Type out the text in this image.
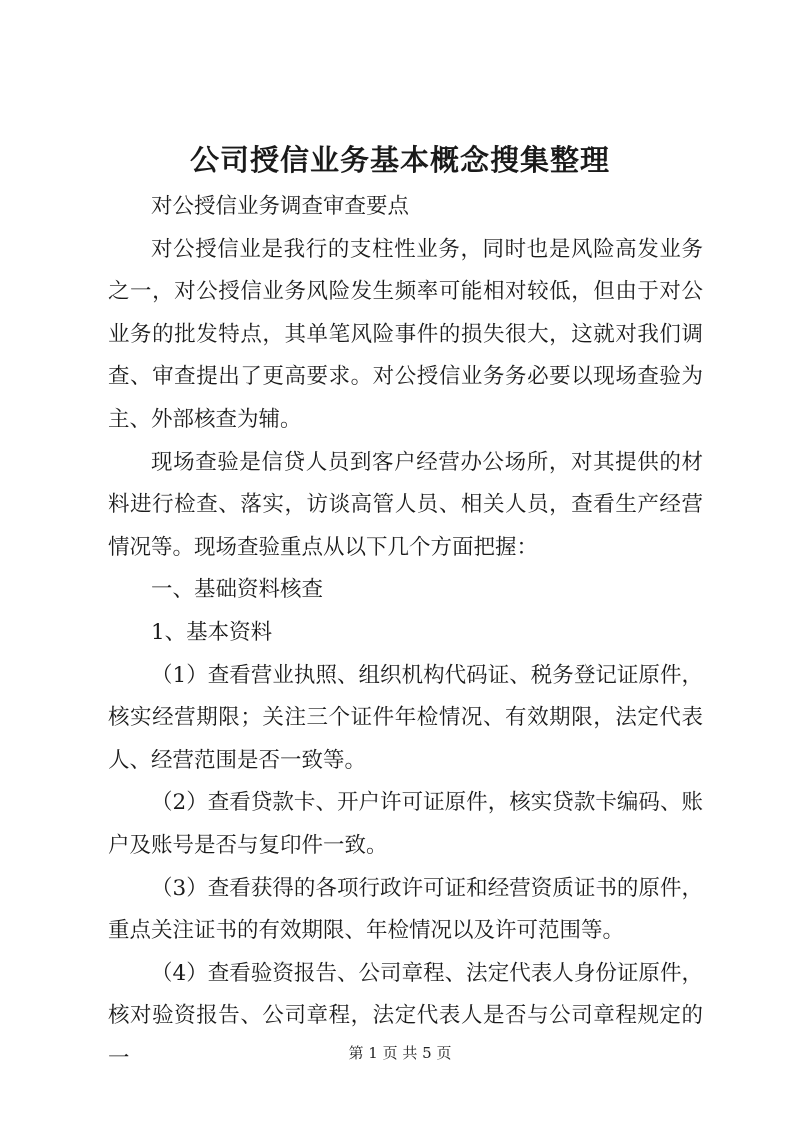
公司授信业务基本概念搜集整理

对公授信业务调查审查要点

对公授信业是我行的支柱性业务，同时也是风险高发业务之一，对公授信业务风险发生频率可能相对较低，但由于对公业务的批发特点，其单笔风险事件的损失很大，这就对我们调查、审查提出了更高要求。对公授信业务务必要以现场查验为主、外部核查为辅。

现场查验是信贷人员到客户经营办公场所，对其提供的材料进行检查、落实，访谈高管人员、相关人员，查看生产经营情况等。现场查验重点从以下几个方面把握：

一、基础资料核查

1、基本资料

（1）查看营业执照、组织机构代码证、税务登记证原件，核实经营期限；关注三个证件年检情况、有效期限，法定代表人、经营范围是否一致等。

（2）查看贷款卡、开户许可证原件，核实贷款卡编码、账户及账号是否与复印件一致。

（3）查看获得的各项行政许可证和经营资质证书的原件，重点关注证书的有效期限、年检情况以及许可范围等。

（4）查看验资报告、公司章程、法定代表人身份证原件，核对验资报告、公司章程，法定代表人是否与公司章程规定的一	第 1 页 共 5 页
